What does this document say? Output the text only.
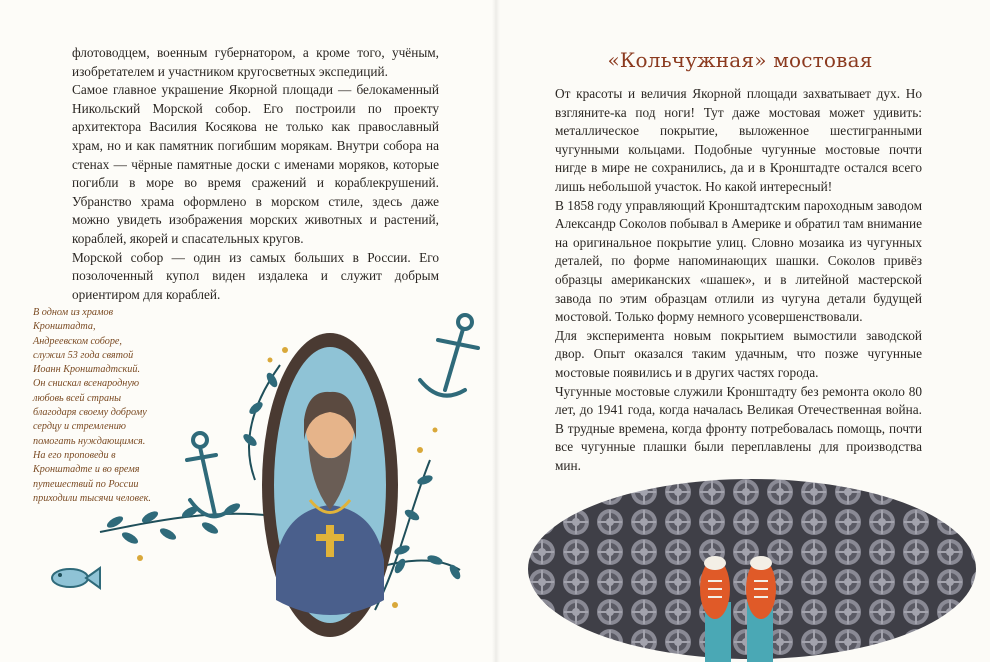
флотоводцем, военным губернатором, а кроме того, учёным, изобретателем и участником кругосветных экспедиций.

Самое главное украшение Якорной площади — белокаменный Никольский Морской собор. Его построили по проекту архитектора Василия Косякова не только как православный храм, но и как памятник погибшим морякам. Внутри собора на стенах — чёрные памятные доски с именами моряков, которые погибли в море во время сражений и кораблекрушений. Убранство храма оформлено в морском стиле, здесь даже можно увидеть изображения морских животных и растений, кораблей, якорей и спасательных кругов.

Морской собор — один из самых больших в России. Его позолоченный купол виден издалека и служит добрым ориентиром для кораблей.

В одном из храмов Кронштадта, Андреевском соборе, служил 53 года святой Иоанн Кронштадтский. Он снискал всенародную любовь всей страны благодаря своему доброму сердцу и стремлению помогать нуждающимся. На его проповеди в Кронштадте и во время путешествий по России приходили тысячи человек.

«Кольчужная» мостовая

От красоты и величия Якорной площади захватывает дух. Но взгляните-ка под ноги! Тут даже мостовая может удивить: металлическое покрытие, выложенное шестигранными чугунными кольцами. Подобные чугунные мостовые почти нигде в мире не сохранились, да и в Кронштадте остался всего лишь небольшой участок. Но какой интересный!

В 1858 году управляющий Кронштадтским пароходным заводом Александр Соколов побывал в Америке и обратил там внимание на оригинальное покрытие улиц. Словно мозаика из чугунных деталей, по форме напоминающих шашки. Соколов привёз образцы американских «шашек», и в литейной мастерской завода по этим образцам отлили из чугуна детали будущей мостовой. Только форму немного усовершенствовали.

Для эксперимента новым покрытием вымостили заводской двор. Опыт оказался таким удачным, что позже чугунные мостовые появились и в других частях города.

Чугунные мостовые служили Кронштадту без ремонта около 80 лет, до 1941 года, когда началась Великая Отечественная война. В трудные времена, когда фронту потребовалась помощь, почти все чугунные плашки были переплавлены для производства мин.
